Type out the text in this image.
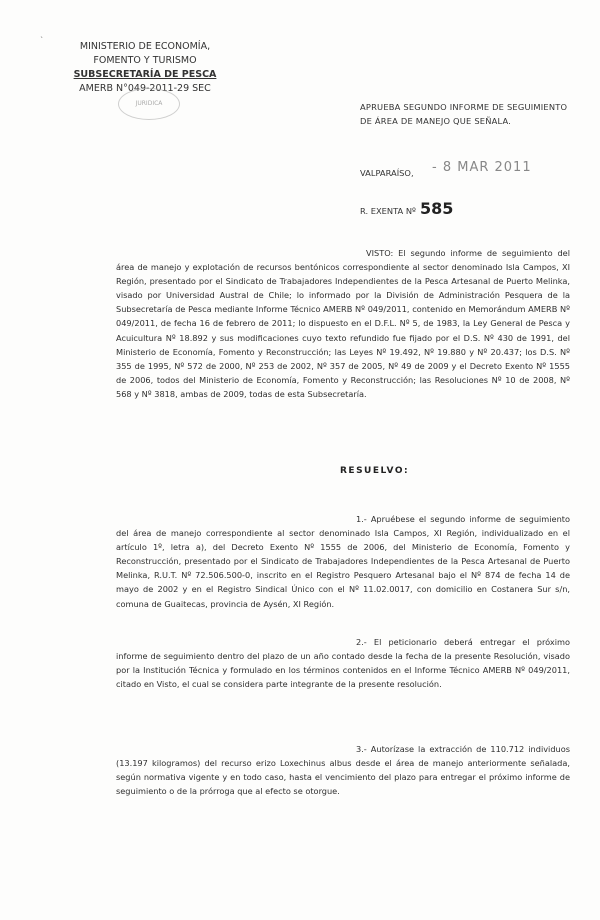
`
MINISTERIO DE ECONOMÍA,
FOMENTO Y TURISMO
SUBSECRETARÍA DE PESCA
AMERB N°049-2011-29 SEC

JURIDICA	APRUEBA SEGUNDO INFORME DE SEGUIMIENTO DE ÁREA DE MANEJO QUE SEÑALA.
VALPARAÍSO, - 8 MAR 2011
R. EXENTA Nº 585
VISTO: El segundo informe de seguimiento del área de manejo y explotación de recursos bentónicos correspondiente al sector denominado Isla Campos, XI Región, presentado por el Sindicato de Trabajadores Independientes de la Pesca Artesanal de Puerto Melinka, visado por Universidad Austral de Chile; lo informado por la División de Administración Pesquera de la Subsecretaría de Pesca mediante Informe Técnico AMERB Nº 049/2011, contenido en Memorándum AMERB Nº 049/2011, de fecha 16 de febrero de 2011; lo dispuesto en el D.F.L. Nº 5, de 1983, la Ley General de Pesca y Acuicultura Nº 18.892 y sus modificaciones cuyo texto refundido fue fijado por el D.S. Nº 430 de 1991, del Ministerio de Economía, Fomento y Reconstrucción; las Leyes Nº 19.492, Nº 19.880 y Nº 20.437; los D.S. Nº 355 de 1995, Nº 572 de 2000, Nº 253 de 2002, Nº 357 de 2005, Nº 49 de 2009 y el Decreto Exento Nº 1555 de 2006, todos del Ministerio de Economía, Fomento y Reconstrucción; las Resoluciones Nº 10 de 2008, Nº 568 y Nº 3818, ambas de 2009, todas de esta Subsecretaría.
RESUELVO:
1.- Apruébese el segundo informe de seguimiento del área de manejo correspondiente al sector denominado Isla Campos, XI Región, individualizado en el artículo 1º, letra a), del Decreto Exento Nº 1555 de 2006, del Ministerio de Economía, Fomento y Reconstrucción, presentado por el Sindicato de Trabajadores Independientes de la Pesca Artesanal de Puerto Melinka, R.U.T. Nº 72.506.500-0, inscrito en el Registro Pesquero Artesanal bajo el Nº 874 de fecha 14 de mayo de 2002 y en el Registro Sindical Único con el Nº 11.02.0017, con domicilio en Costanera Sur s/n, comuna de Guaitecas, provincia de Aysén, XI Región.
2.- El peticionario deberá entregar el próximo informe de seguimiento dentro del plazo de un año contado desde la fecha de la presente Resolución, visado por la Institución Técnica y formulado en los términos contenidos en el Informe Técnico AMERB Nº 049/2011, citado en Visto, el cual se considera parte integrante de la presente resolución.
3.- Autorízase la extracción de 110.712 individuos (13.197 kilogramos) del recurso erizo Loxechinus albus desde el área de manejo anteriormente señalada, según normativa vigente y en todo caso, hasta el vencimiento del plazo para entregar el próximo informe de seguimiento o de la prórroga que al efecto se otorgue.
